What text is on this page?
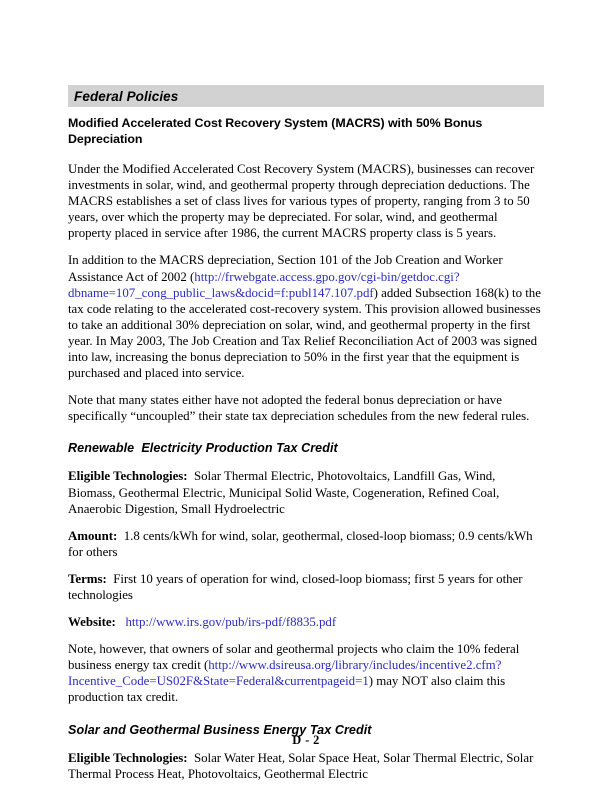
Federal Policies
Modified Accelerated Cost Recovery System (MACRS) with 50% Bonus Depreciation
Under the Modified Accelerated Cost Recovery System (MACRS), businesses can recover investments in solar, wind, and geothermal property through depreciation deductions. The MACRS establishes a set of class lives for various types of property, ranging from 3 to 50 years, over which the property may be depreciated. For solar, wind, and geothermal property placed in service after 1986, the current MACRS property class is 5 years.
In addition to the MACRS depreciation, Section 101 of the Job Creation and Worker Assistance Act of 2002 (http://frwebgate.access.gpo.gov/cgi-bin/getdoc.cgi?dbname=107_cong_public_laws&docid=f:publ147.107.pdf) added Subsection 168(k) to the tax code relating to the accelerated cost-recovery system. This provision allowed businesses to take an additional 30% depreciation on solar, wind, and geothermal property in the first year. In May 2003, The Job Creation and Tax Relief Reconciliation Act of 2003 was signed into law, increasing the bonus depreciation to 50% in the first year that the equipment is purchased and placed into service.
Note that many states either have not adopted the federal bonus depreciation or have specifically “uncoupled” their state tax depreciation schedules from the new federal rules.
Renewable  Electricity Production Tax Credit
Eligible Technologies: Solar Thermal Electric, Photovoltaics, Landfill Gas, Wind, Biomass, Geothermal Electric, Municipal Solid Waste, Cogeneration, Refined Coal, Anaerobic Digestion, Small Hydroelectric
Amount: 1.8 cents/kWh for wind, solar, geothermal, closed-loop biomass; 0.9 cents/kWh for others
Terms: First 10 years of operation for wind, closed-loop biomass; first 5 years for other technologies
Website: http://www.irs.gov/pub/irs-pdf/f8835.pdf
Note, however, that owners of solar and geothermal projects who claim the 10% federal business energy tax credit (http://www.dsireusa.org/library/includes/incentive2.cfm?Incentive_Code=US02F&State=Federal&currentpageid=1) may NOT also claim this production tax credit.
Solar and Geothermal Business Energy Tax Credit
Eligible Technologies: Solar Water Heat, Solar Space Heat, Solar Thermal Electric, Solar Thermal Process Heat, Photovoltaics, Geothermal Electric
D - 2
